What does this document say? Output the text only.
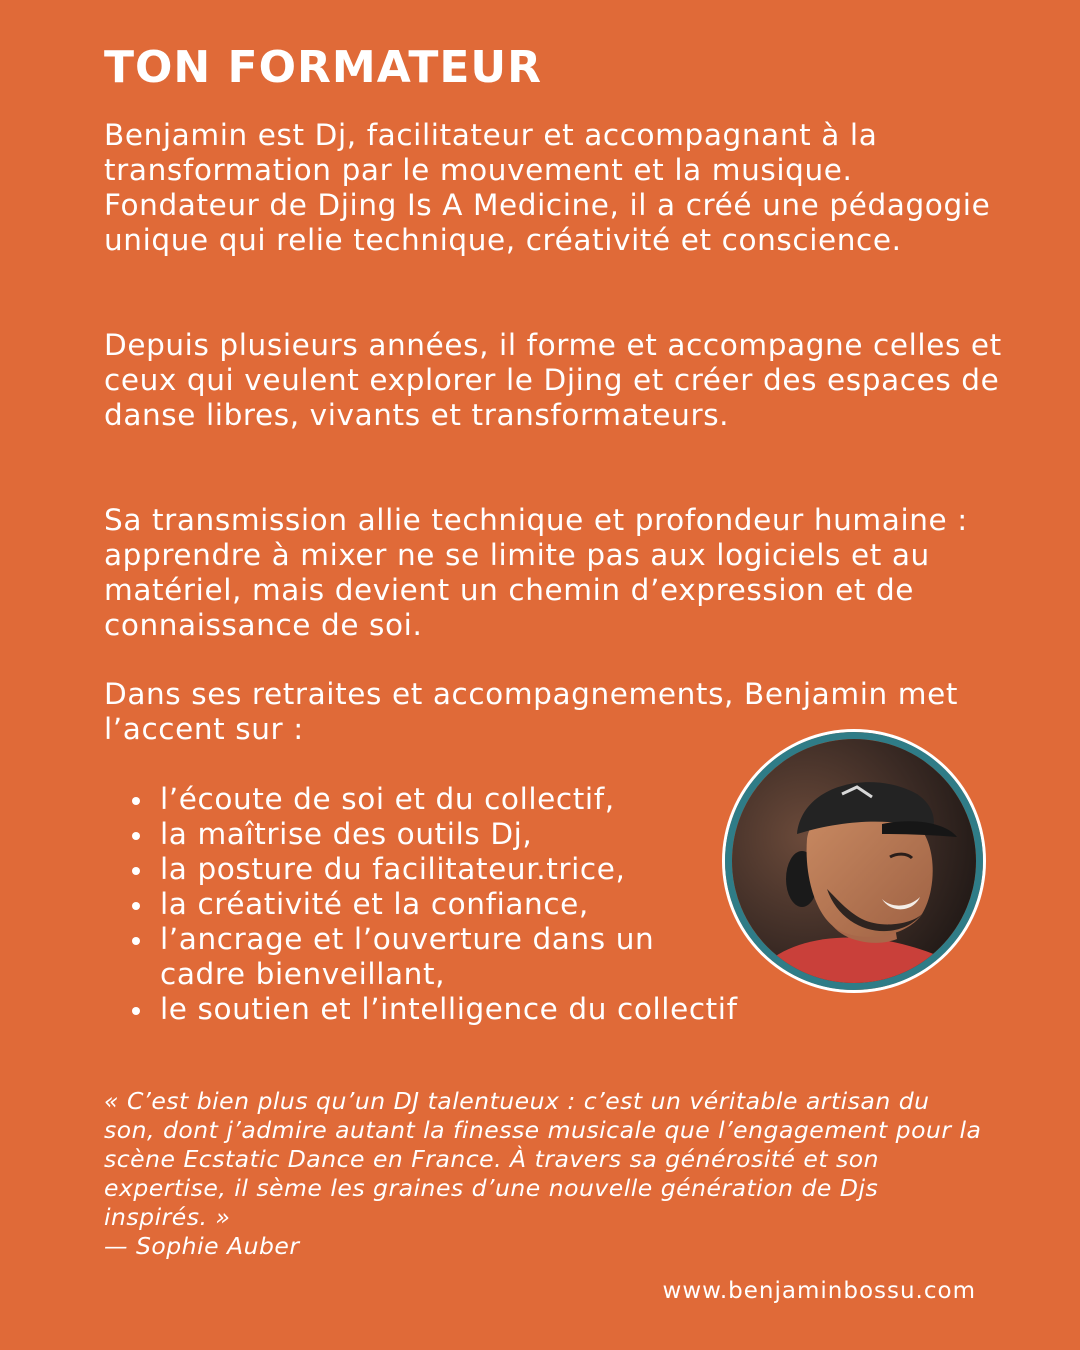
TON FORMATEUR

Benjamin est Dj, facilitateur et accompagnant à la transformation par le mouvement et la musique. Fondateur de Djing Is A Medicine, il a créé une pédagogie unique qui relie technique, créativité et conscience.

Depuis plusieurs années, il forme et accompagne celles et ceux qui veulent explorer le Djing et créer des espaces de danse libres, vivants et transformateurs.

Sa transmission allie technique et profondeur humaine : apprendre à mixer ne se limite pas aux logiciels et au matériel, mais devient un chemin d’expression et de connaissance de soi.

Dans ses retraites et accompagnements, Benjamin met l’accent sur :

l’écoute de soi et du collectif,
la maîtrise des outils Dj,
la posture du facilitateur.trice,
la créativité et la confiance,
l’ancrage et l’ouverture dans un cadre bienveillant,
le soutien et l’intelligence du collectif

« C’est bien plus qu’un DJ talentueux : c’est un véritable artisan du son, dont j’admire autant la finesse musicale que l’engagement pour la scène Ecstatic Dance en France. À travers sa générosité et son expertise, il sème les graines d’une nouvelle génération de Djs inspirés. »
— Sophie Auber

www.benjaminbossu.com
